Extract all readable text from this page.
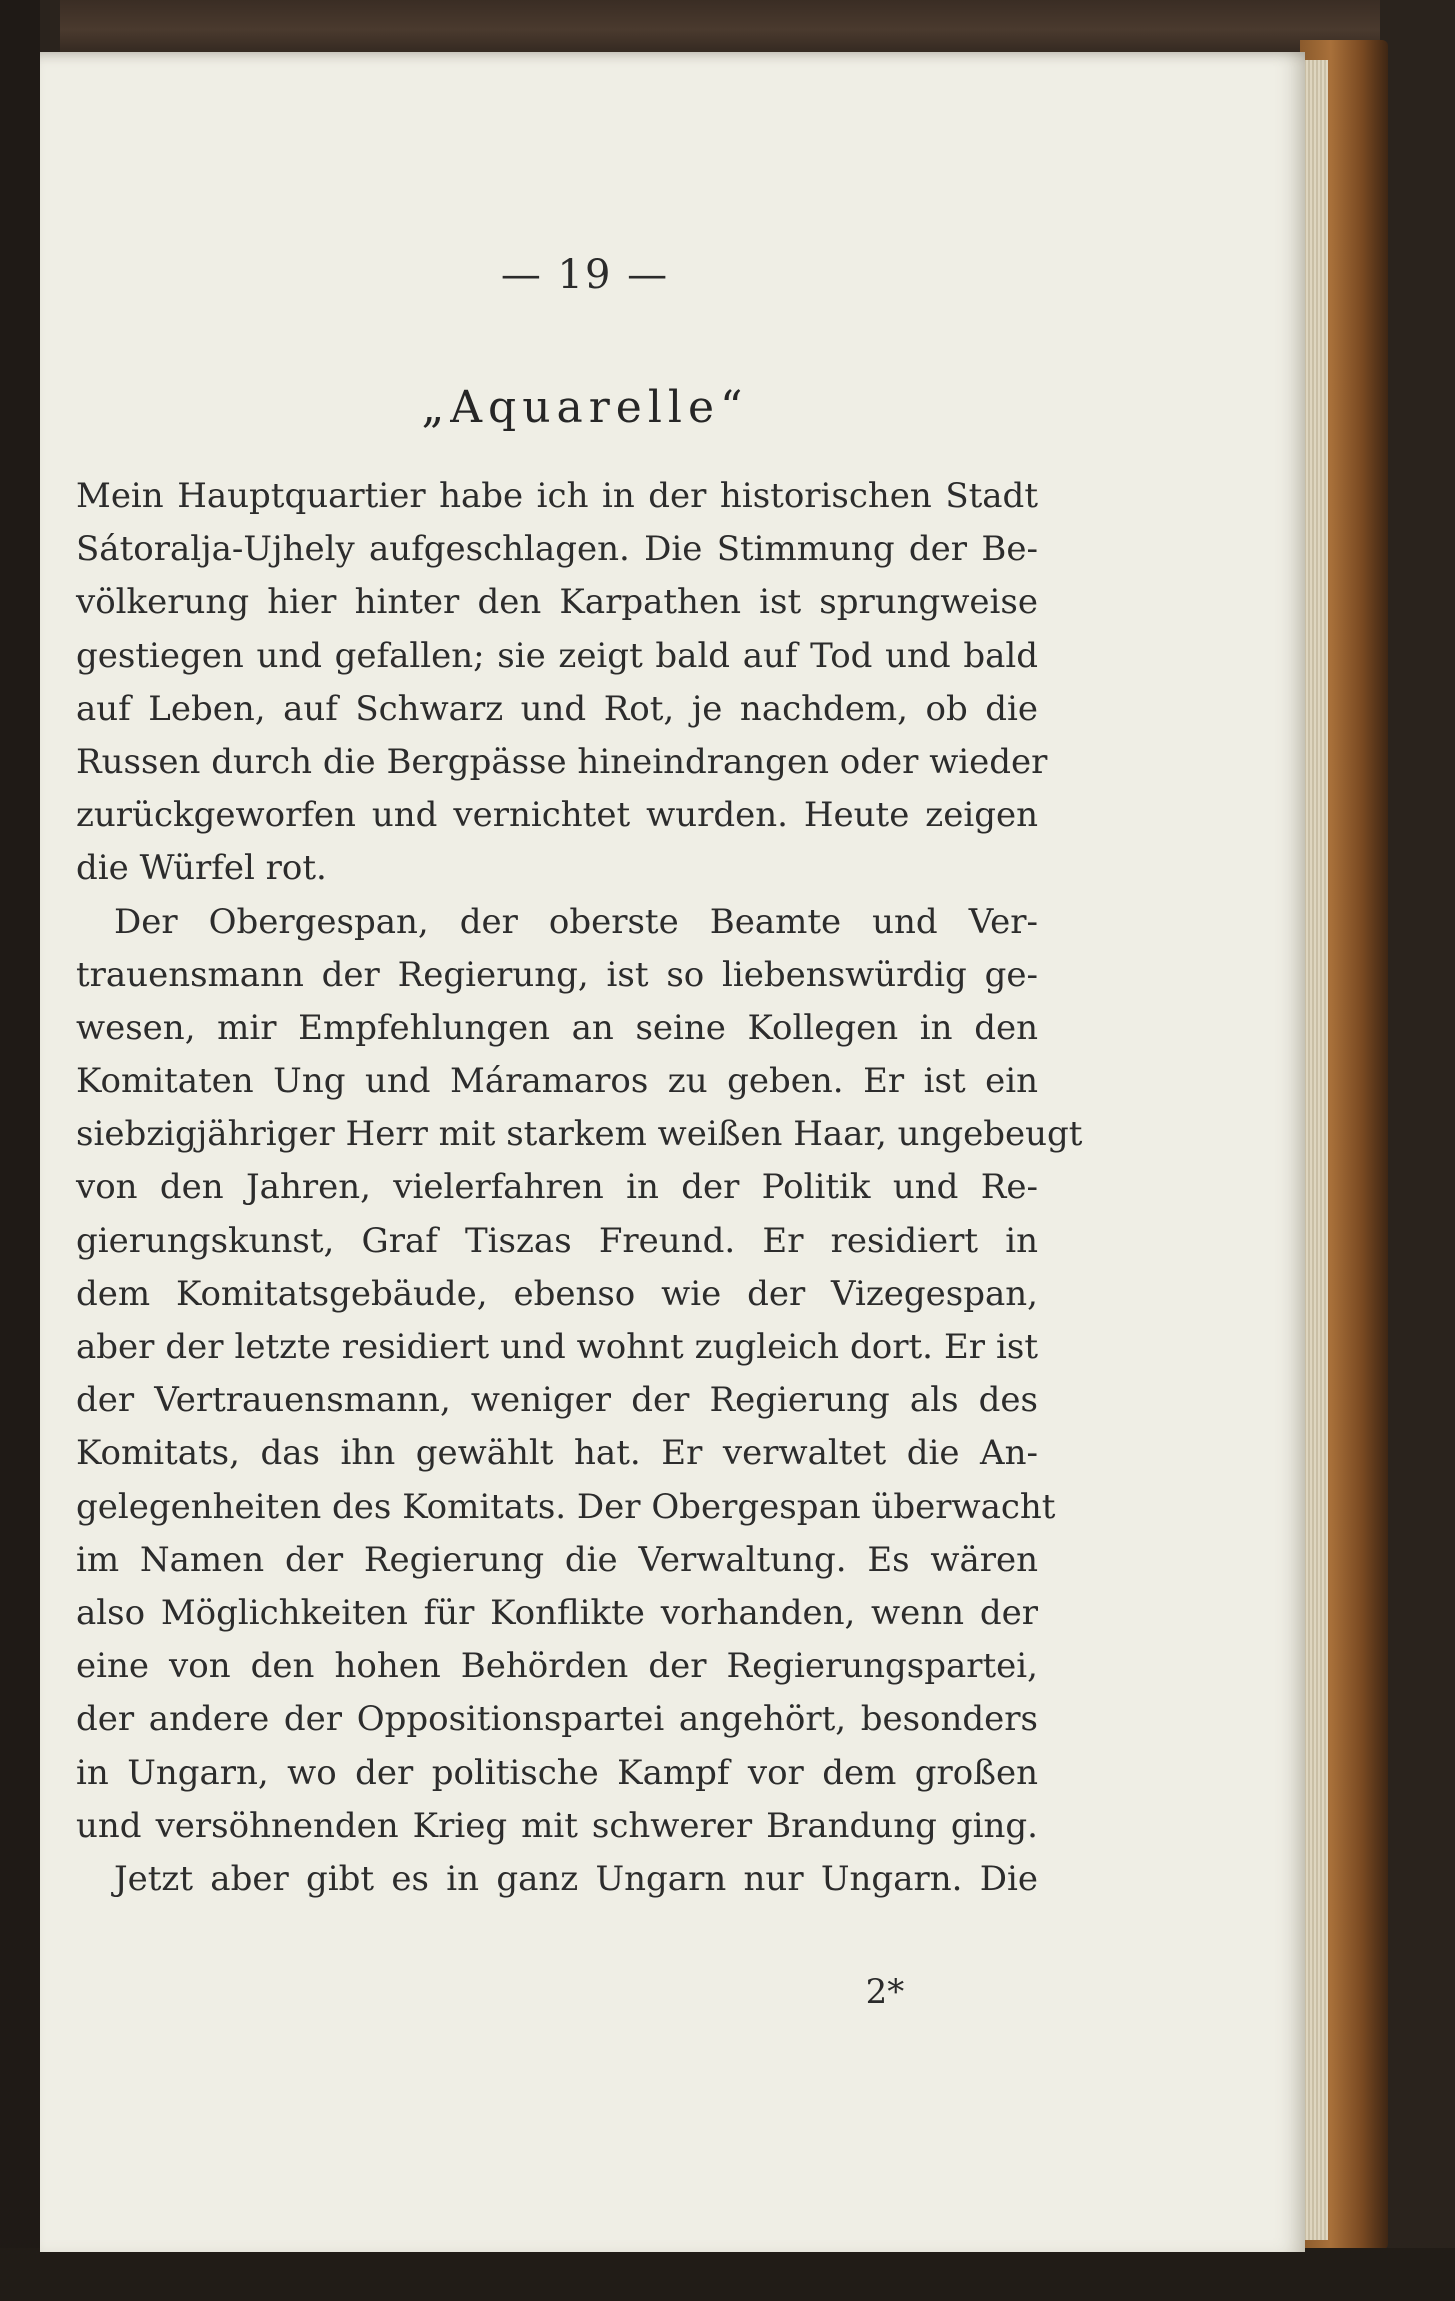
— 19 —
„Aquarelle“
Mein Hauptquartier habe ich in der historischen Stadt
Sátoralja-Ujhely aufgeschlagen. Die Stimmung der Be-
völkerung hier hinter den Karpathen ist sprungweise
gestiegen und gefallen; sie zeigt bald auf Tod und bald
auf Leben, auf Schwarz und Rot, je nachdem, ob die
Russen durch die Bergpässe hineindrangen oder wieder
zurückgeworfen und vernichtet wurden. Heute zeigen
die Würfel rot.
Der Obergespan, der oberste Beamte und Ver-
trauensmann der Regierung, ist so liebenswürdig ge-
wesen, mir Empfehlungen an seine Kollegen in den
Komitaten Ung und Máramaros zu geben. Er ist ein
siebzigjähriger Herr mit starkem weißen Haar, ungebeugt
von den Jahren, vielerfahren in der Politik und Re-
gierungskunst, Graf Tiszas Freund. Er residiert in
dem Komitatsgebäude, ebenso wie der Vizegespan,
aber der letzte residiert und wohnt zugleich dort. Er ist
der Vertrauensmann, weniger der Regierung als des
Komitats, das ihn gewählt hat. Er verwaltet die An-
gelegenheiten des Komitats. Der Obergespan überwacht
im Namen der Regierung die Verwaltung. Es wären
also Möglichkeiten für Konflikte vorhanden, wenn der
eine von den hohen Behörden der Regierungspartei,
der andere der Oppositionspartei angehört, besonders
in Ungarn, wo der politische Kampf vor dem großen
und versöhnenden Krieg mit schwerer Brandung ging.
Jetzt aber gibt es in ganz Ungarn nur Ungarn. Die
2*
